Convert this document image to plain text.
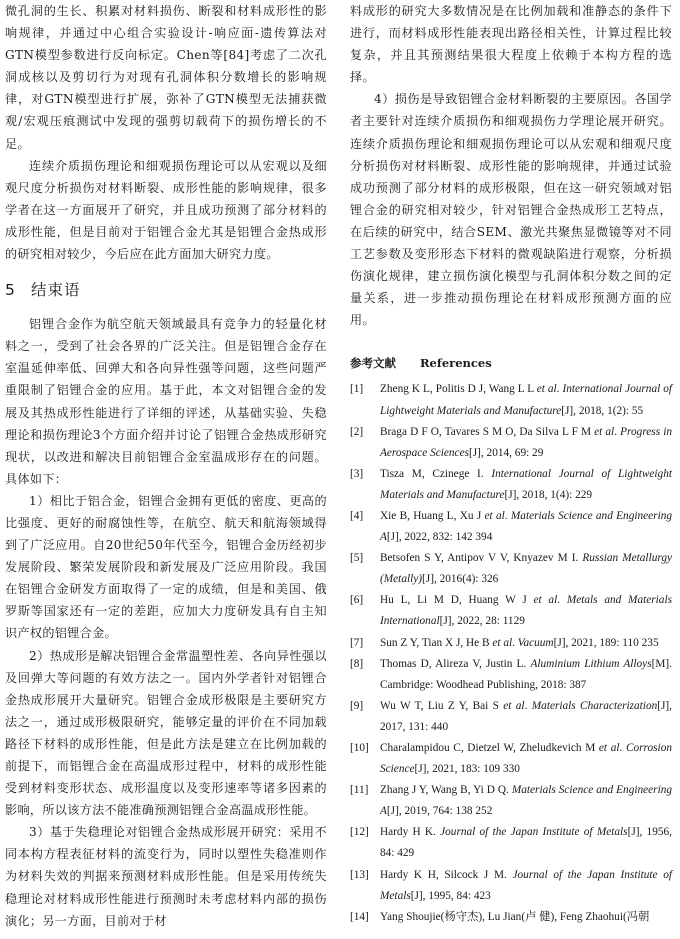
微孔洞的生长、积累对材料损伤、断裂和材料成形性的影响规律，并通过中心组合实验设计-响应面-遗传算法对GTN模型参数进行反向标定。Chen等[84]考虑了二次孔洞成核以及剪切行为对现有孔洞体积分数增长的影响规律，对GTN模型进行扩展，弥补了GTN模型无法捕获微观/宏观压痕测试中发现的强剪切载荷下的损伤增长的不足。

连续介质损伤理论和细观损伤理论可以从宏观以及细观尺度分析损伤对材料断裂、成形性能的影响规律，很多学者在这一方面展开了研究，并且成功预测了部分材料的成形性能，但是目前对于铝锂合金尤其是铝锂合金热成形的研究相对较少，今后应在此方面加大研究力度。

5 结束语

铝锂合金作为航空航天领域最具有竞争力的轻量化材料之一，受到了社会各界的广泛关注。但是铝锂合金存在室温延伸率低、回弹大和各向异性强等问题，这些问题严重限制了铝锂合金的应用。基于此，本文对铝锂合金的发展及其热成形性能进行了详细的评述，从基础实验、失稳理论和损伤理论3个方面介绍并讨论了铝锂合金热成形研究现状，以改进和解决目前铝锂合金室温成形存在的问题。具体如下：

1）相比于铝合金，铝锂合金拥有更低的密度、更高的比强度、更好的耐腐蚀性等，在航空、航天和航海领域得到了广泛应用。自20世纪50年代至今，铝锂合金历经初步发展阶段、繁荣发展阶段和新发展及广泛应用阶段。我国在铝锂合金研发方面取得了一定的成绩，但是和美国、俄罗斯等国家还有一定的差距，应加大力度研发具有自主知识产权的铝锂合金。

2）热成形是解决铝锂合金常温塑性差、各向异性强以及回弹大等问题的有效方法之一。国内外学者针对铝锂合金热成形展开大量研究。铝锂合金成形极限是主要研究方法之一，通过成形极限研究，能够定量的评价在不同加载路径下材料的成形性能，但是此方法是建立在比例加载的前提下，而铝锂合金在高温成形过程中，材料的成形性能受到材料变形状态、成形温度以及变形速率等诸多因素的影响，所以该方法不能准确预测铝锂合金高温成形性能。

3）基于失稳理论对铝锂合金热成形展开研究：采用不同本构方程表征材料的流变行为，同时以塑性失稳准则作为材料失效的判据来预测材料成形性能。但是采用传统失稳理论对材料成形性能进行预测时未考虑材料内部的损伤演化；另一方面，目前对于材

料成形的研究大多数情况是在比例加载和准静态的条件下进行，而材料成形性能表现出路径相关性，计算过程比较复杂，并且其预测结果很大程度上依赖于本构方程的选择。

4）损伤是导致铝锂合金材料断裂的主要原因。各国学者主要针对连续介质损伤和细观损伤力学理论展开研究。连续介质损伤理论和细观损伤理论可以从宏观和细观尺度分析损伤对材料断裂、成形性能的影响规律，并通过试验成功预测了部分材料的成形极限，但在这一研究领域对铝锂合金的研究相对较少，针对铝锂合金热成形工艺特点，在后续的研究中，结合SEM、激光共聚焦显微镜等对不同工艺参数及变形形态下材料的微观缺陷进行观察，分析损伤演化规律，建立损伤演化模型与孔洞体积分数之间的定量关系，进一步推动损伤理论在材料成形预测方面的应用。

参考文献 References

[1] Zheng K L, Politis D J, Wang L L et al. International Journal of Lightweight Materials and Manufacture[J], 2018, 1(2): 55

[2] Braga D F O, Tavares S M O, Da Silva L F M et al. Progress in Aerospace Sciences[J], 2014, 69: 29

[3] Tisza M, Czinege I. International Journal of Lightweight Materials and Manufacture[J], 2018, 1(4): 229

[4] Xie B, Huang L, Xu J et al. Materials Science and Engineering A[J], 2022, 832: 142 394

[5] Betsofen S Y, Antipov V V, Knyazev M I. Russian Metallurgy (Metally)[J], 2016(4): 326

[6] Hu L, Li M D, Huang W J et al. Metals and Materials International[J], 2022, 28: 1129

[7] Sun Z Y, Tian X J, He B et al. Vacuum[J], 2021, 189: 110 235

[8] Thomas D, Alireza V, Justin L. Aluminium Lithium Alloys[M]. Cambridge: Woodhead Publishing, 2018: 387

[9] Wu W T, Liu Z Y, Bai S et al. Materials Characterization[J], 2017, 131: 440

[10] Charalampidou C, Dietzel W, Zheludkevich M et al. Corrosion Science[J], 2021, 183: 109 330

[11] Zhang J Y, Wang B, Yi D Q. Materials Science and Engineering A[J], 2019, 764: 138 252

[12] Hardy H K. Journal of the Japan Institute of Metals[J], 1956, 84: 429

[13] Hardy K H, Silcock J M. Journal of the Japan Institute of Metals[J], 1995, 84: 423

[14] Yang Shoujie(杨守杰), Lu Jian(卢 健), Feng Zhaohui(冯朝
